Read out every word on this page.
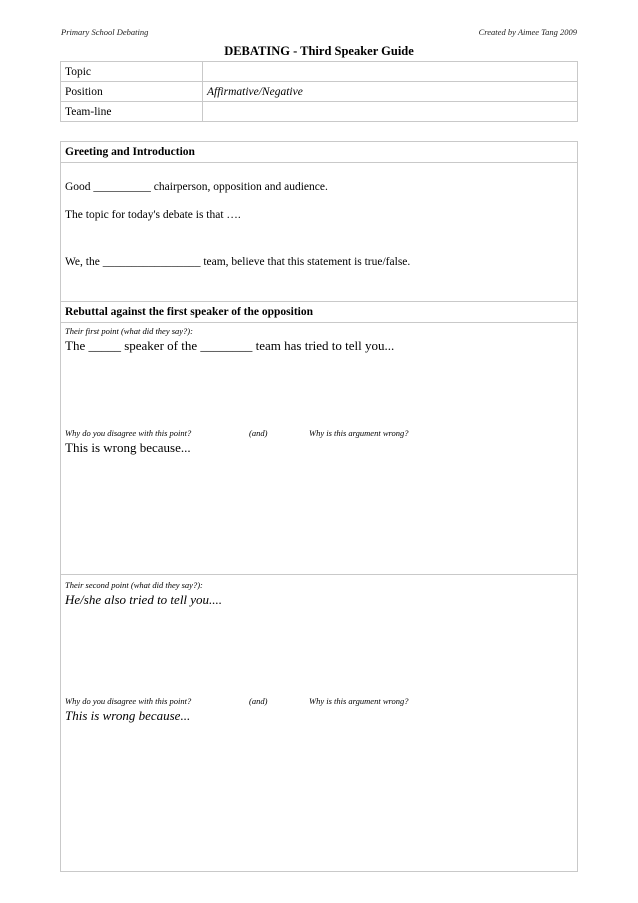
Primary School Debating	Created by Aimee Tang 2009
DEBATING - Third Speaker Guide
Topic	
Position	Affirmative/Negative
Team-line	
Greeting and Introduction
Good __________ chairperson, opposition and audience.
The topic for today's debate is that ….
We, the _________________ team, believe that this statement is true/false.
Rebuttal against the first speaker of the opposition
Their first point (what did they say?):
The _____ speaker of the ________ team has tried to tell you...
Why do you disagree with this point?	(and)	Why is this argument wrong?
This is wrong because...
Their second point (what did they say?):
He/she also tried to tell you....
Why do you disagree with this point?	(and)	Why is this argument wrong?
This is wrong because...
